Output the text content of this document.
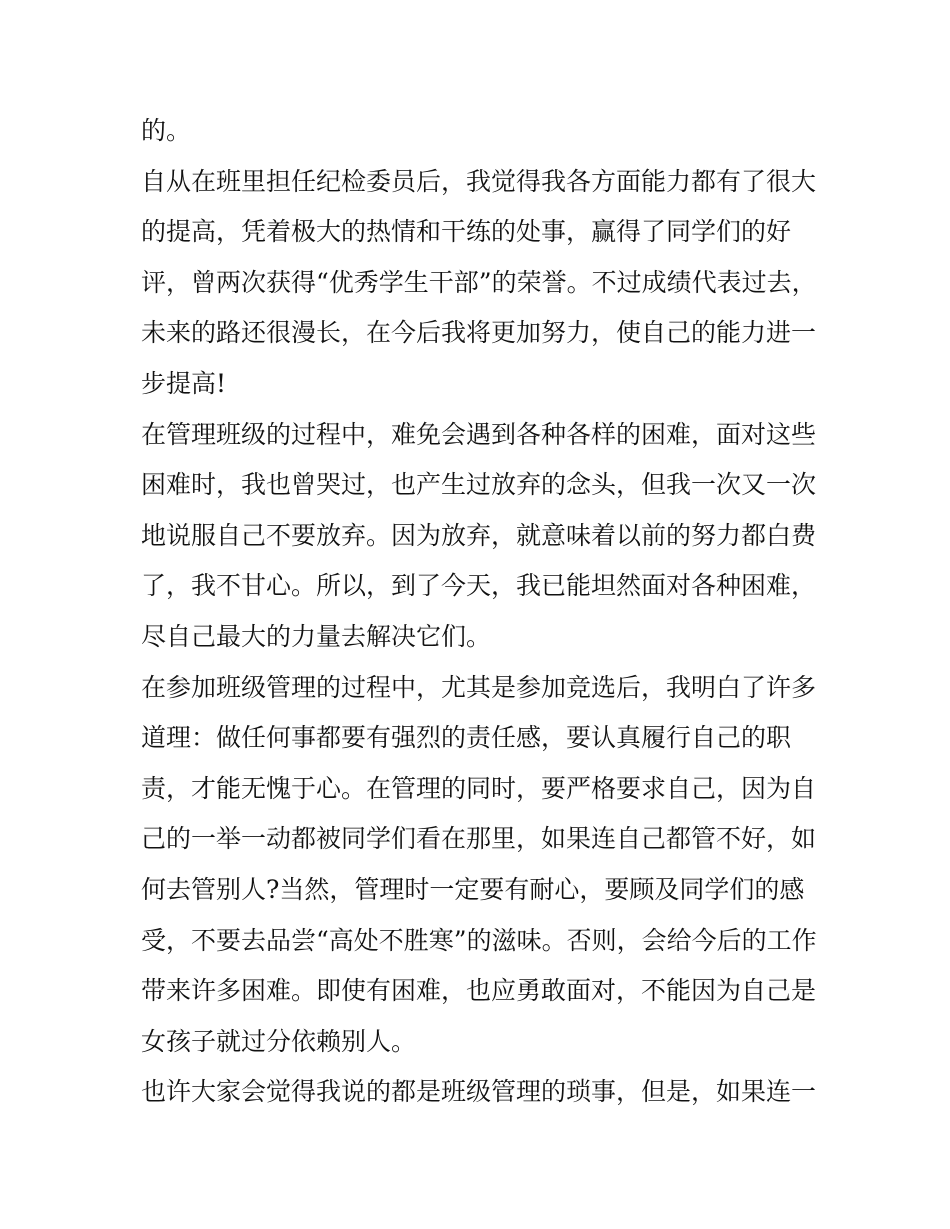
的。
自从在班里担任纪检委员后，我觉得我各方面能力都有了很大
的提高，凭着极大的热情和干练的处事，赢得了同学们的好
评，曾两次获得“优秀学生干部”的荣誉。不过成绩代表过去，
未来的路还很漫长，在今后我将更加努力，使自己的能力进一
步提高!
在管理班级的过程中，难免会遇到各种各样的困难，面对这些
困难时，我也曾哭过，也产生过放弃的念头，但我一次又一次
地说服自己不要放弃。因为放弃，就意味着以前的努力都白费
了，我不甘心。所以，到了今天，我已能坦然面对各种困难，
尽自己最大的力量去解决它们。
在参加班级管理的过程中，尤其是参加竞选后，我明白了许多
道理：做任何事都要有强烈的责任感，要认真履行自己的职
责，才能无愧于心。在管理的同时，要严格要求自己，因为自
己的一举一动都被同学们看在那里，如果连自己都管不好，如
何去管别人?当然，管理时一定要有耐心，要顾及同学们的感
受，不要去品尝“高处不胜寒”的滋味。否则，会给今后的工作
带来许多困难。即使有困难，也应勇敢面对，不能因为自己是
女孩子就过分依赖别人。
也许大家会觉得我说的都是班级管理的琐事，但是，如果连一
